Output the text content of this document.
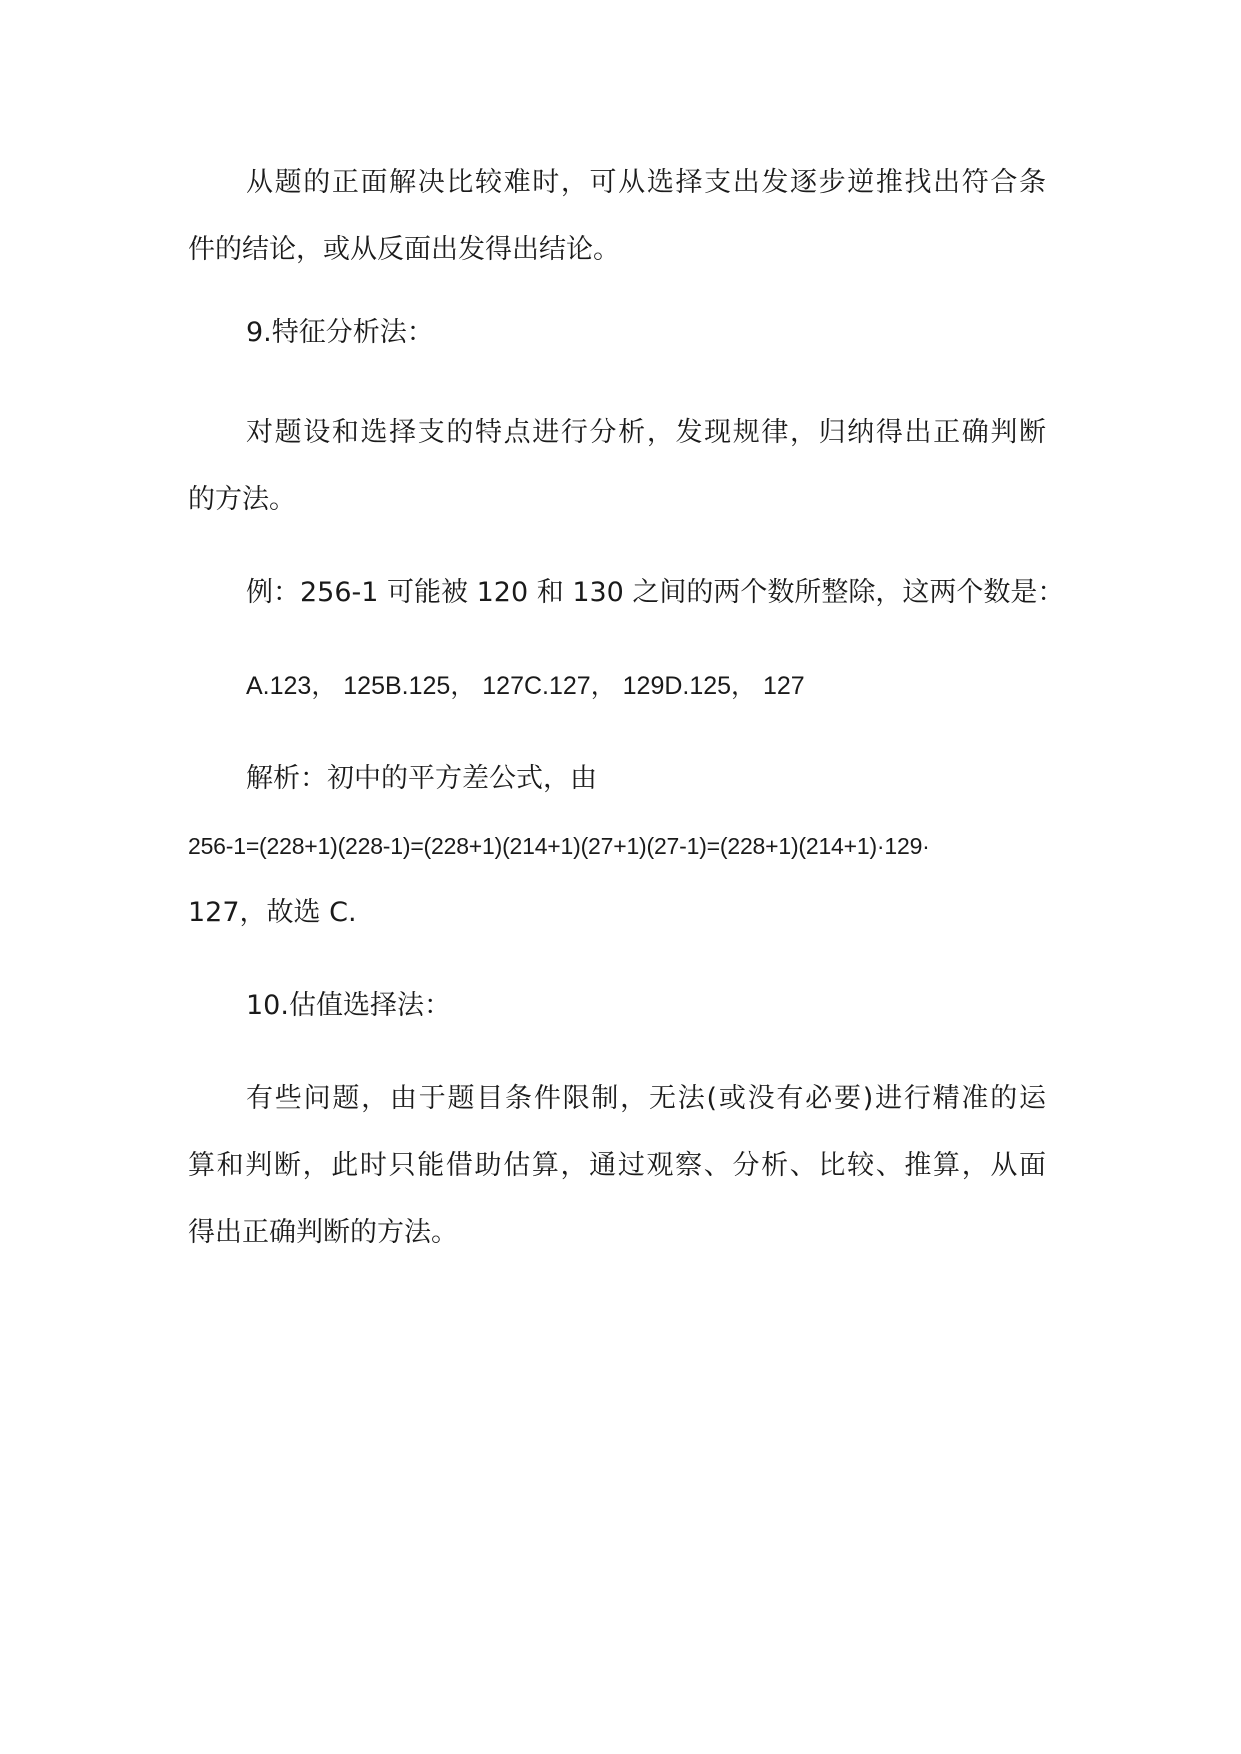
从题的正面解决比较难时，可从选择支出发逐步逆推找出符合条

件的结论，或从反面出发得出结论。

9.特征分析法：

对题设和选择支的特点进行分析，发现规律，归纳得出正确判断

的方法。

例：256-1 可能被 120 和 130 之间的两个数所整除，这两个数是：

A.123， 125B.125， 127C.127， 129D.125， 127

解析：初中的平方差公式，由

256-1=(228+1)(228-1)=(228+1)(214+1)(27+1)(27-1)=(228+1)(214+1)·129·

127，故选 C.

10.估值选择法：

有些问题，由于题目条件限制，无法(或没有必要)进行精准的运

算和判断，此时只能借助估算，通过观察、分析、比较、推算，从面

得出正确判断的方法。
